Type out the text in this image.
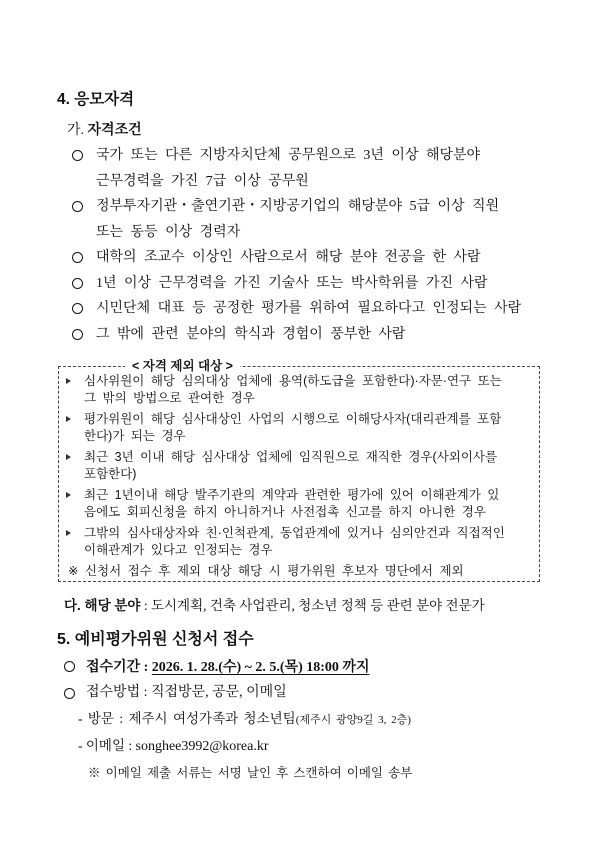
4. 응모자격
가. 자격조건
국가 또는 다른 지방자치단체 공무원으로 3년 이상 해당분야
근무경력을 가진 7급 이상 공무원
정부투자기관・출연기관・지방공기업의 해당분야 5급 이상 직원
또는 동등 이상 경력자
대학의 조교수 이상인 사람으로서 해당 분야 전공을 한 사람
1년 이상 근무경력을 가진 기술사 또는 박사학위를 가진 사람
시민단체 대표 등 공정한 평가를 위하여 필요하다고 인정되는 사람
그 밖에 관련 분야의 학식과 경험이 풍부한 사람
< 자격 제외 대상 >
심사위원이 해당 심의대상 업체에 용역(하도급을 포함한다)·자문·연구 또는
그 밖의 방법으로 관여한 경우
평가위원이 해당 심사대상인 사업의 시행으로 이해당사자(대리관계를 포함
한다)가 되는 경우
최근 3년 이내 해당 심사대상 업체에 임직원으로 재직한 경우(사외이사를
포함한다)
최근 1년이내 해당 발주기관의 계약과 관련한 평가에 있어 이해관계가 있
음에도 회피신청을 하지 아니하거나 사전접촉 신고를 하지 아니한 경우
그밖의 심사대상자와 친·인척관계, 동업관계에 있거나 심의안건과 직접적인
이해관계가 있다고 인정되는 경우
※ 신청서 접수 후 제외 대상 해당 시 평가위원 후보자 명단에서 제외
다. 해당 분야 : 도시계획, 건축 사업관리, 청소년 정책 등 관련 분야 전문가
5. 예비평가위원 신청서 접수
접수기간 : 2026. 1. 28.(수) ~ 2. 5.(목) 18:00 까지
접수방법 : 직접방문, 공문, 이메일
- 방문 : 제주시 여성가족과 청소년팀(제주시 광양9길 3, 2층)
- 이메일 : songhee3992@korea.kr
※ 이메일 제출 서류는 서명 날인 후 스캔하여 이메일 송부
